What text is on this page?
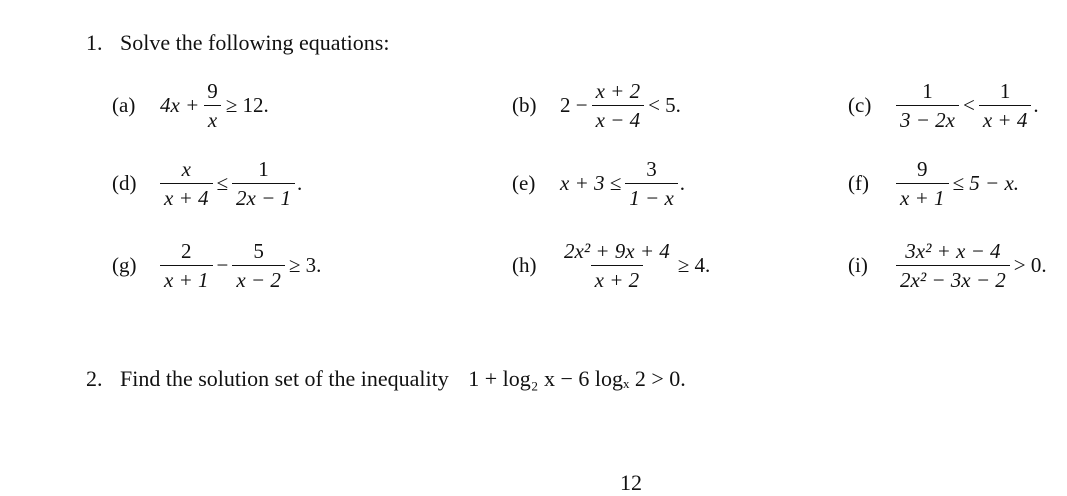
1. Solve the following equations:
(a)	$4x + \frac{9}{x} \ge 12$.	(b)	$2 - \frac{x + 2}{x - 4} < 5$.	(c)	$\frac{1}{3 - 2x} < \frac{1}{x + 4}$ .
(d)	$\frac{x}{x + 4} \le \frac{1}{2x - 1}$ .	(e)	$x + 3 \le \frac{3}{1 - x}$ .	(f)	$\frac{9}{x + 1} \le 5 - x$.
(g)	$\frac{2}{x + 1} - \frac{5}{x - 2} \ge 3$.	(h)	$\frac{\text{2x² + 9x + 4}}{x + 2} \ge 4$.	(i)	$\frac{\text{3x² + x − 4}}{\text{2x² − 3x − 2}} > 0$.
2. Find the solution set of the inequality 1 + log₂ x − 6 logₓ 2 > 0.
12
